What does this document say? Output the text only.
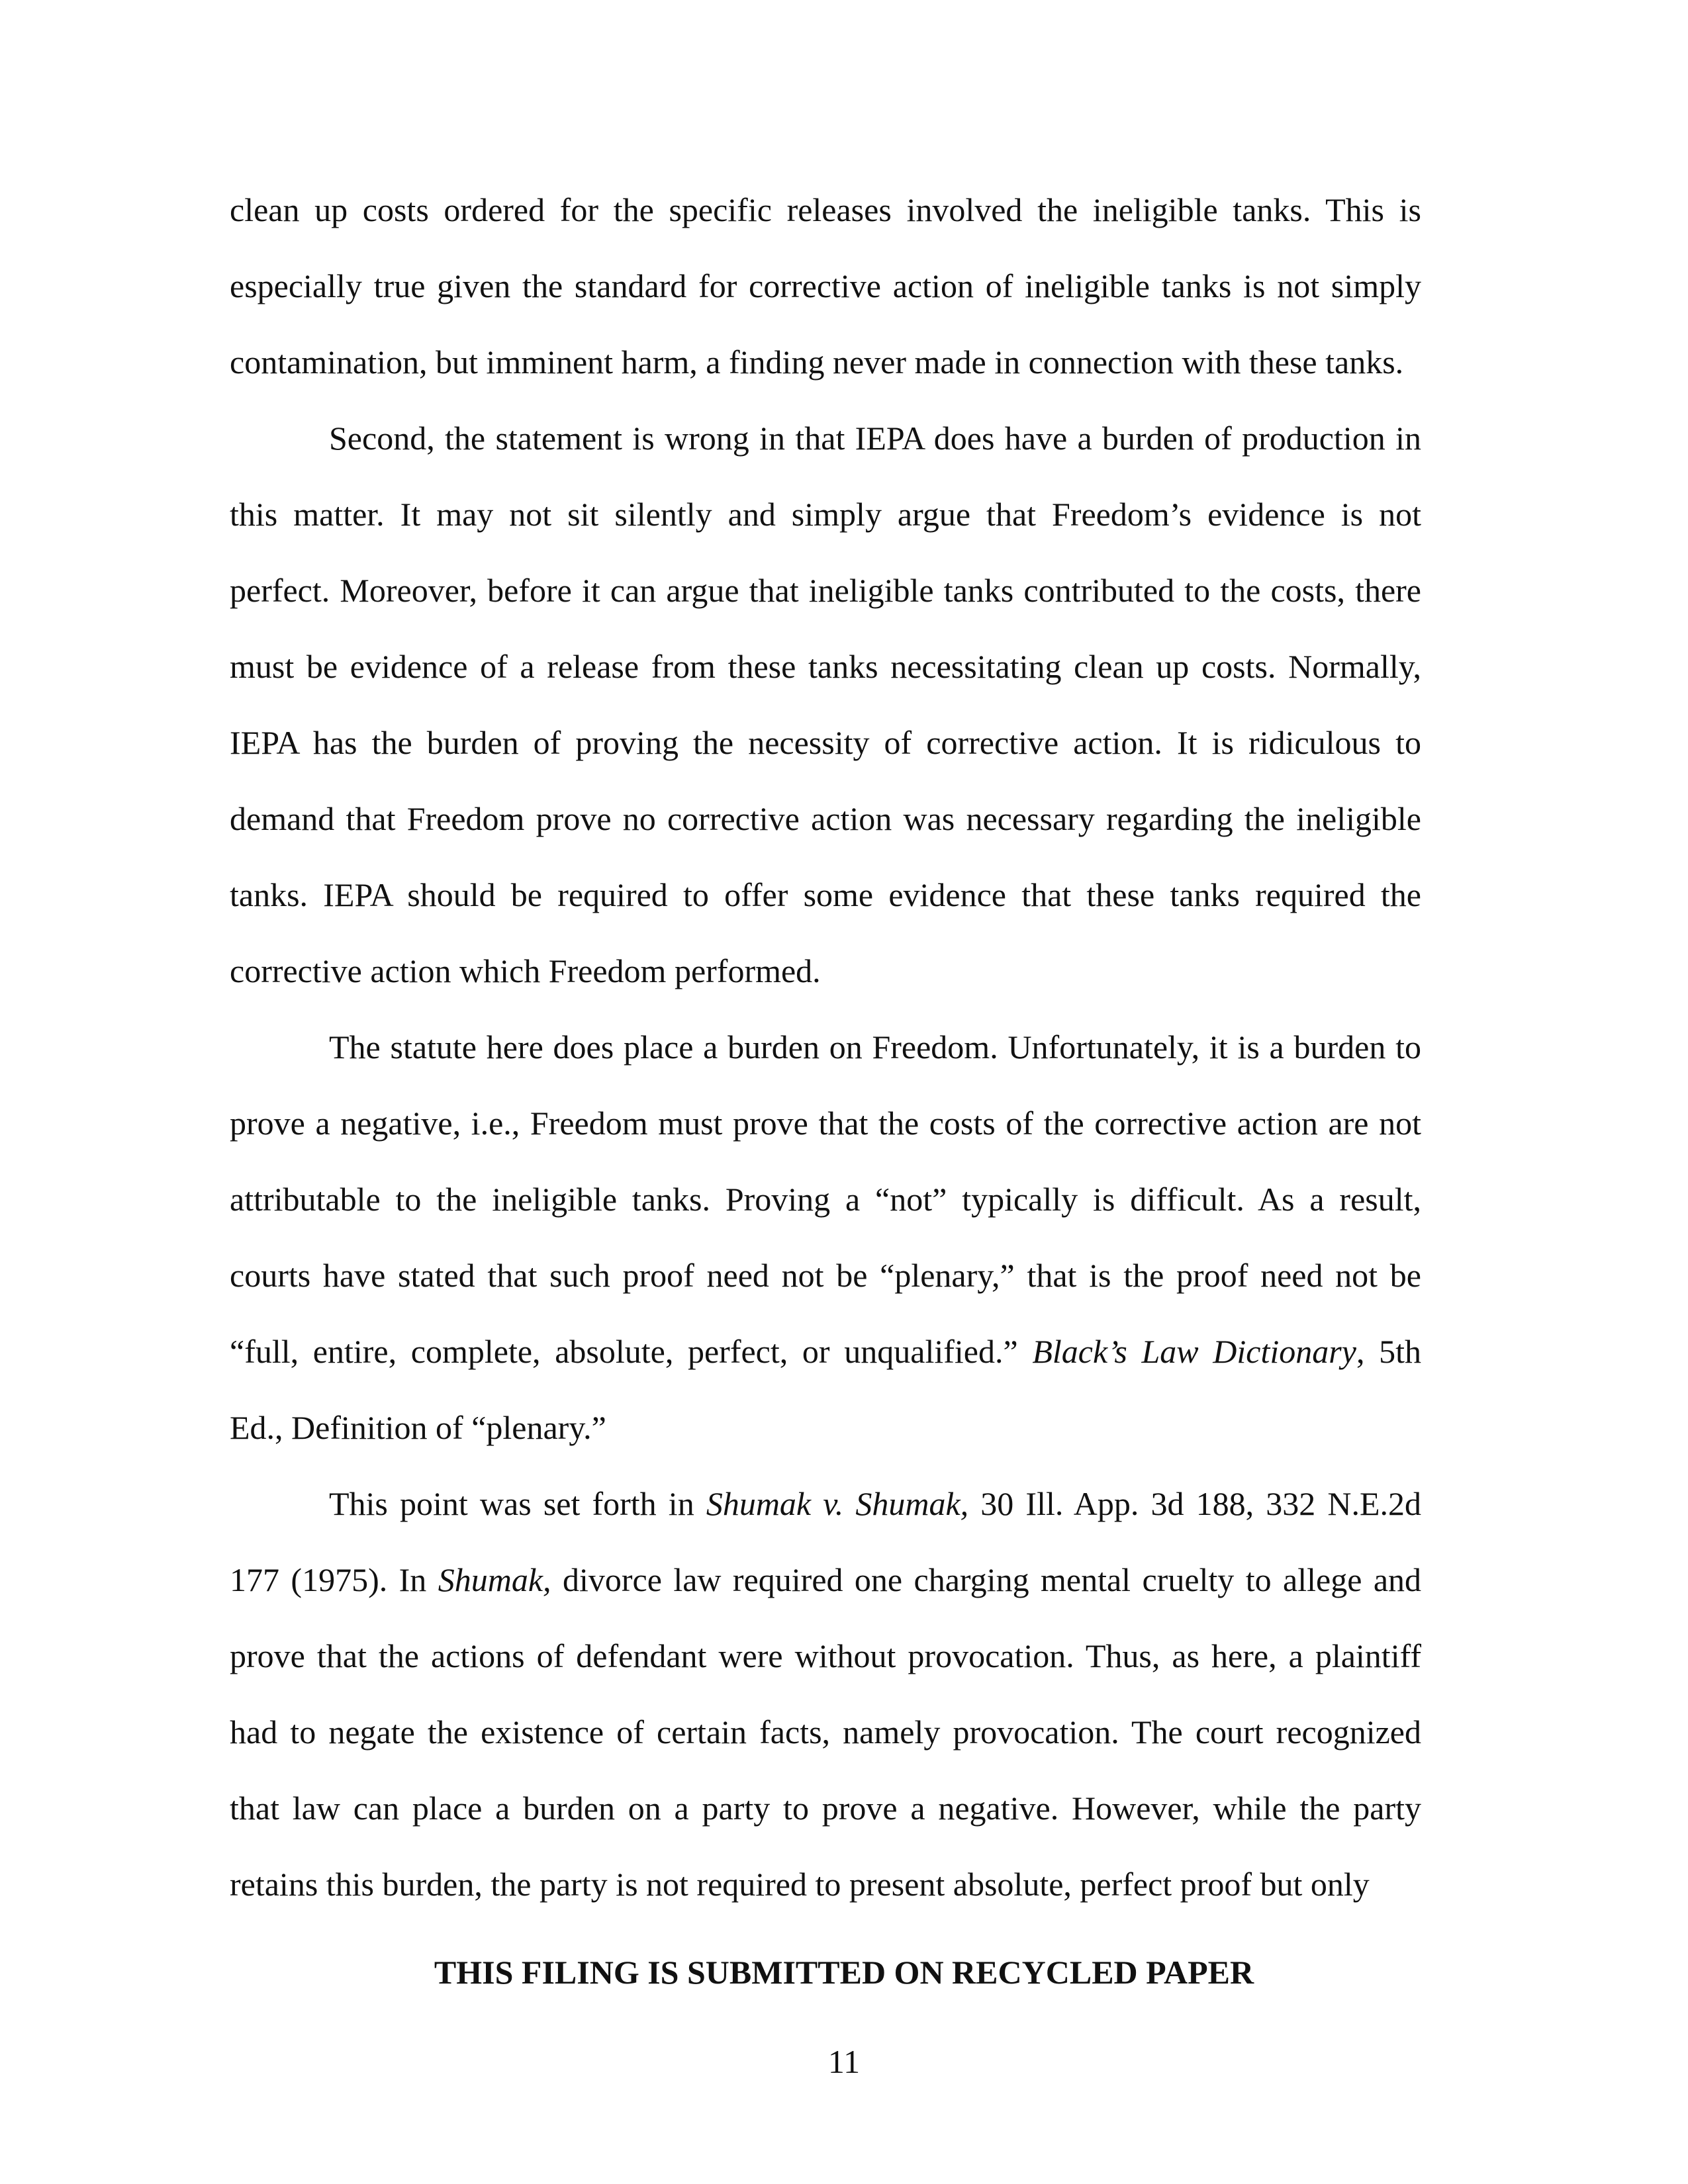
clean up costs ordered for the specific releases involved the ineligible tanks. This is especially true given the standard for corrective action of ineligible tanks is not simply contamination, but imminent harm, a finding never made in connection with these tanks.

Second, the statement is wrong in that IEPA does have a burden of production in this matter. It may not sit silently and simply argue that Freedom’s evidence is not perfect. Moreover, before it can argue that ineligible tanks contributed to the costs, there must be evidence of a release from these tanks necessitating clean up costs. Normally, IEPA has the burden of proving the necessity of corrective action. It is ridiculous to demand that Freedom prove no corrective action was necessary regarding the ineligible tanks. IEPA should be required to offer some evidence that these tanks required the corrective action which Freedom performed.

The statute here does place a burden on Freedom. Unfortunately, it is a burden to prove a negative, i.e., Freedom must prove that the costs of the corrective action are not attributable to the ineligible tanks. Proving a “not” typically is difficult. As a result, courts have stated that such proof need not be “plenary,” that is the proof need not be “full, entire, complete, absolute, perfect, or unqualified.” Black’s Law Dictionary, 5th Ed., Definition of “plenary.”

This point was set forth in Shumak v. Shumak, 30 Ill. App. 3d 188, 332 N.E.2d 177 (1975). In Shumak, divorce law required one charging mental cruelty to allege and prove that the actions of defendant were without provocation. Thus, as here, a plaintiff had to negate the existence of certain facts, namely provocation. The court recognized that law can place a burden on a party to prove a negative. However, while the party retains this burden, the party is not required to present absolute, perfect proof but only

THIS FILING IS SUBMITTED ON RECYCLED PAPER
11
